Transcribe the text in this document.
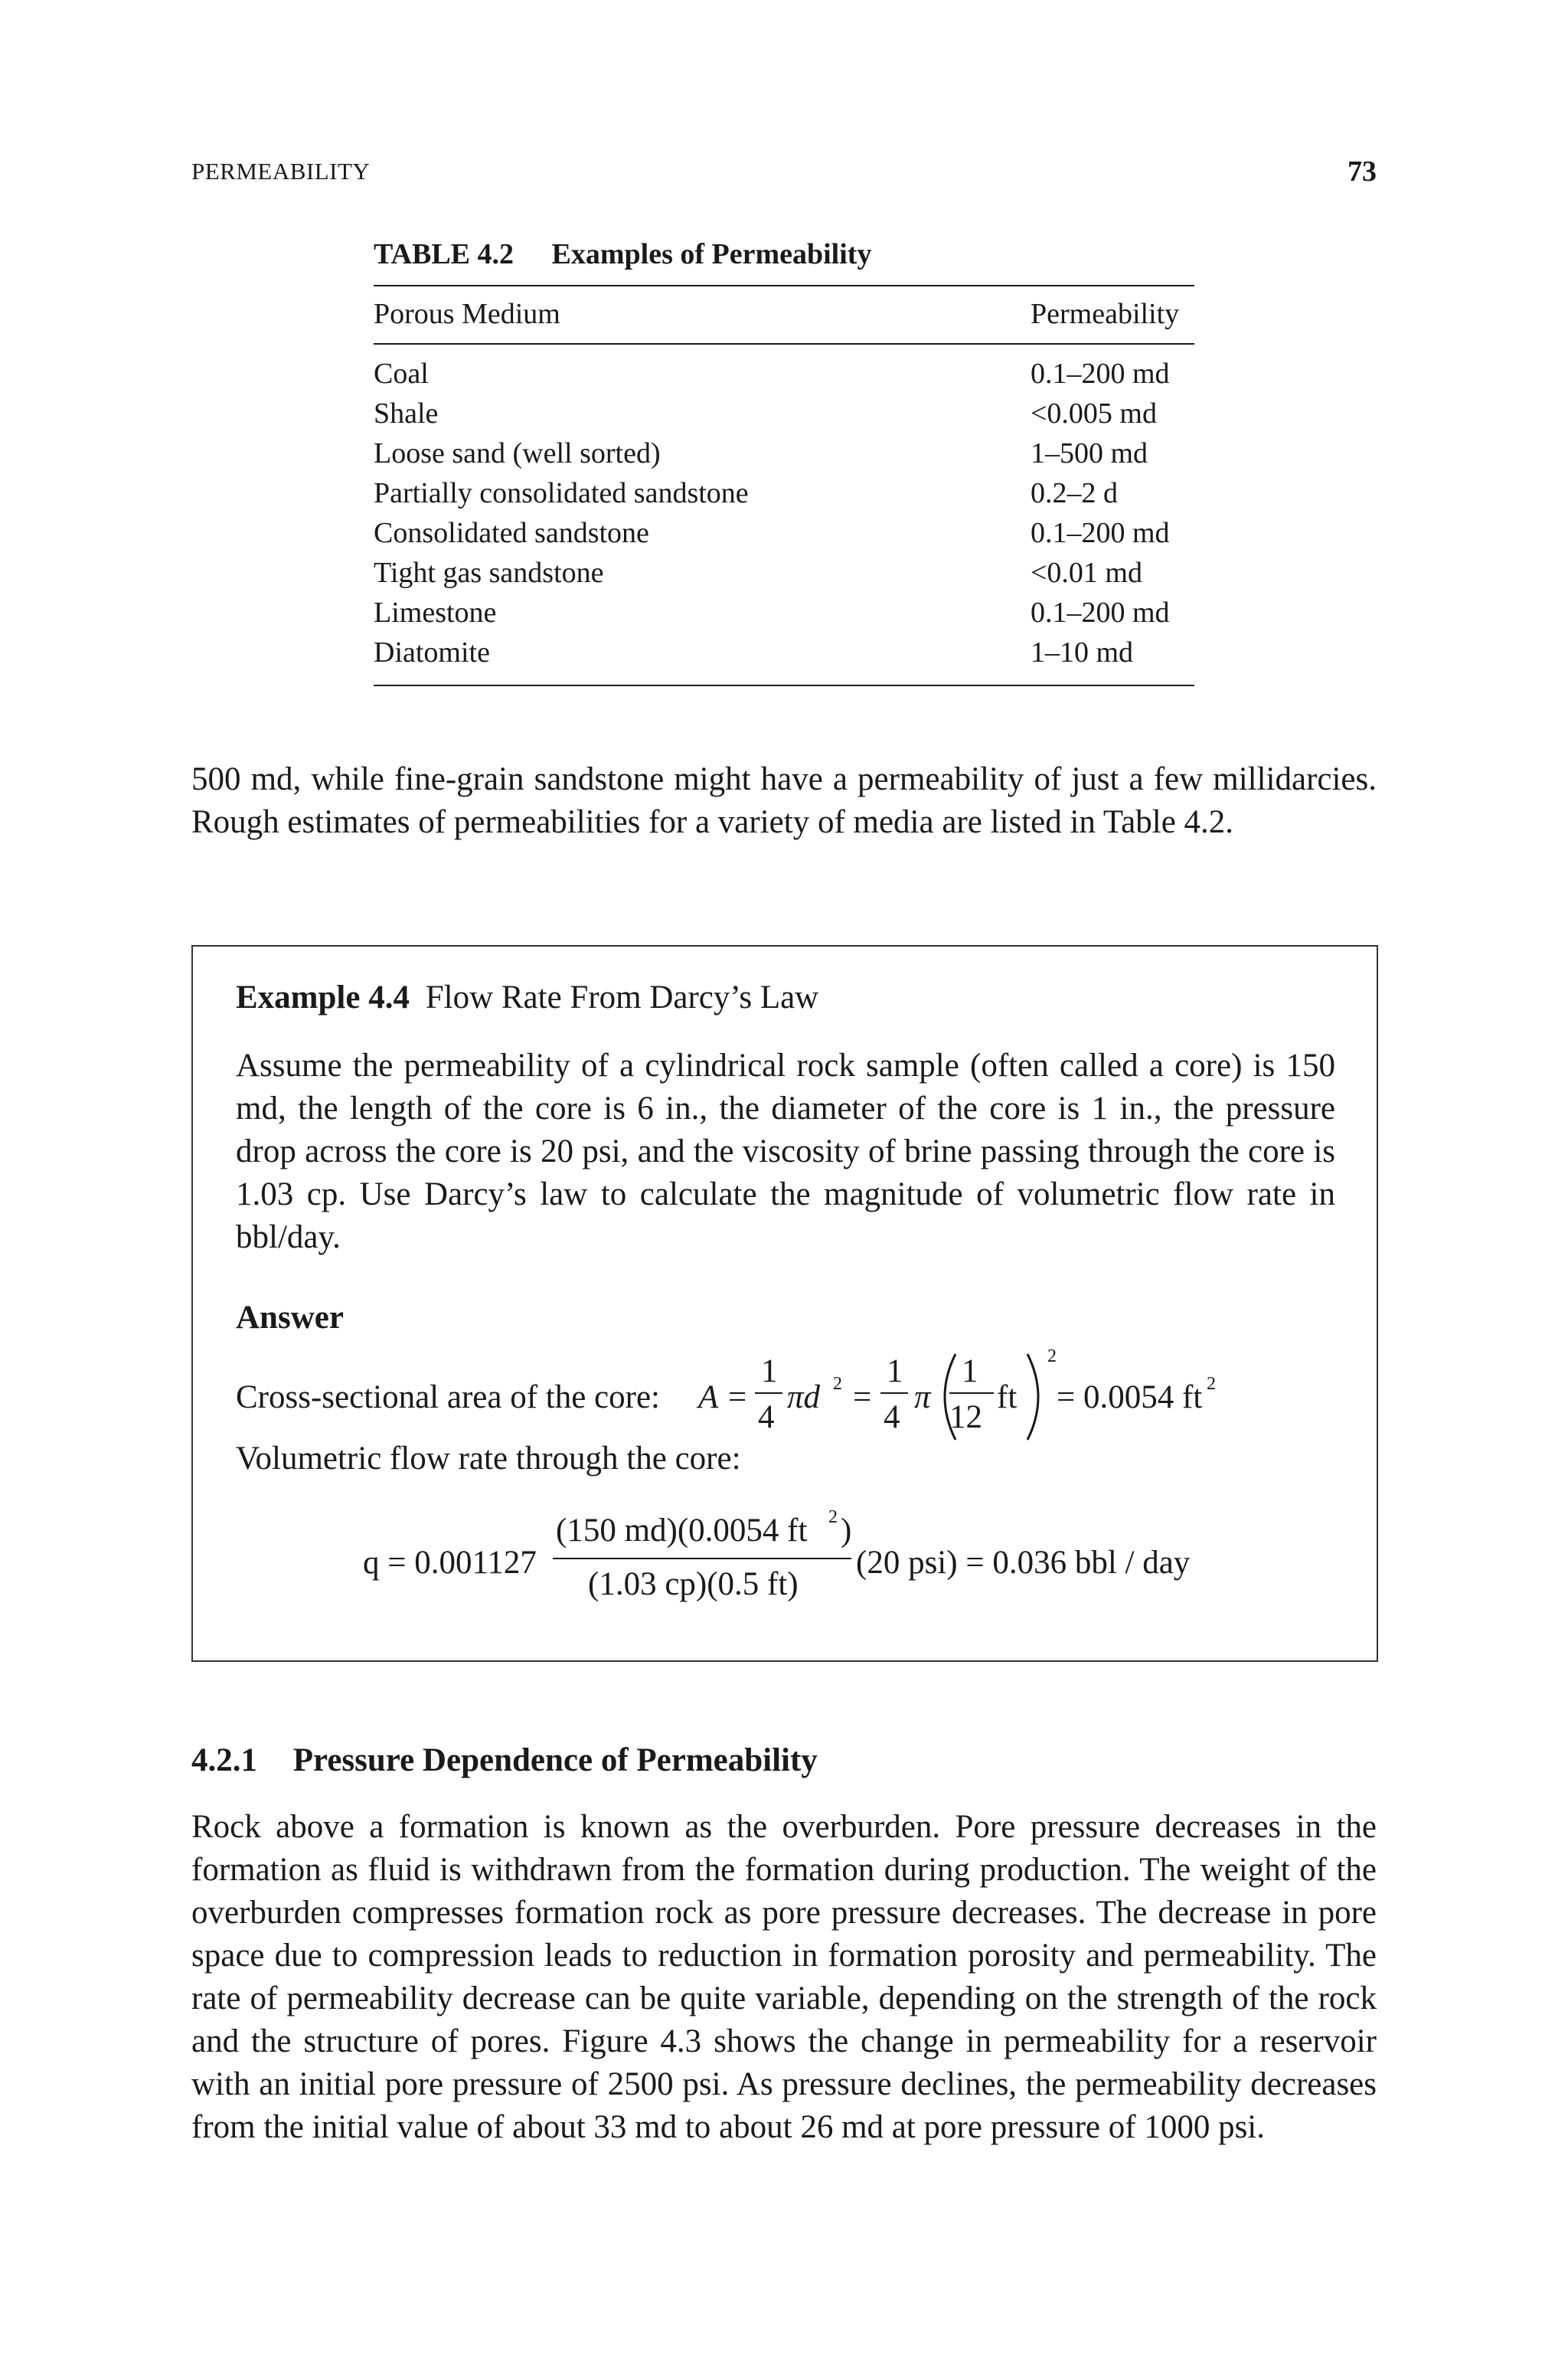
PERMEABILITY	73
TABLE 4.2 Examples of Permeability
Porous Medium	Permeability
Coal	0.1–200 md
Shale	<0.005 md
Loose sand (well sorted)	1–500 md
Partially consolidated sandstone	0.2–2 d
Consolidated sandstone	0.1–200 md
Tight gas sandstone	<0.01 md
Limestone	0.1–200 md
Diatomite	1–10 md

500 md, while fine-grain sandstone might have a permeability of just a few millidarcies. Rough estimates of permeabilities for a variety of media are listed in Table 4.2.

Example 4.4 Flow Rate From Darcy’s Law
Assume the permeability of a cylindrical rock sample (often called a core) is 150 md, the length of the core is 6 in., the diameter of the core is 1 in., the pressure drop across the core is 20 psi, and the viscosity of brine passing through the core is 1.03 cp. Use Darcy’s law to calculate the magnitude of volumetric flow rate in bbl/day.
Answer
Cross-sectional area of the core: A =
1
4
πd 2 =
1
4
π
1
12
ft
2
= 0.0054 ft 2
Volumetric flow rate through the core:
q = 0.001127
(150 md)(0.0054 ft 2 )
(1.03 cp)(0.5 ft)
(20 psi) = 0.036 bbl / day
4.2.1 Pressure Dependence of Permeability

Rock above a formation is known as the overburden. Pore pressure decreases in the formation as fluid is withdrawn from the formation during production. The weight of the overburden compresses formation rock as pore pressure decreases. The decrease in pore space due to compression leads to reduction in formation porosity and permeability. The rate of permeability decrease can be quite variable, depending on the strength of the rock and the structure of pores. Figure 4.3 shows the change in permeability for a reservoir with an initial pore pressure of 2500 psi. As pressure declines, the permeability decreases from the initial value of about 33 md to about 26 md at pore pressure of 1000 psi.
